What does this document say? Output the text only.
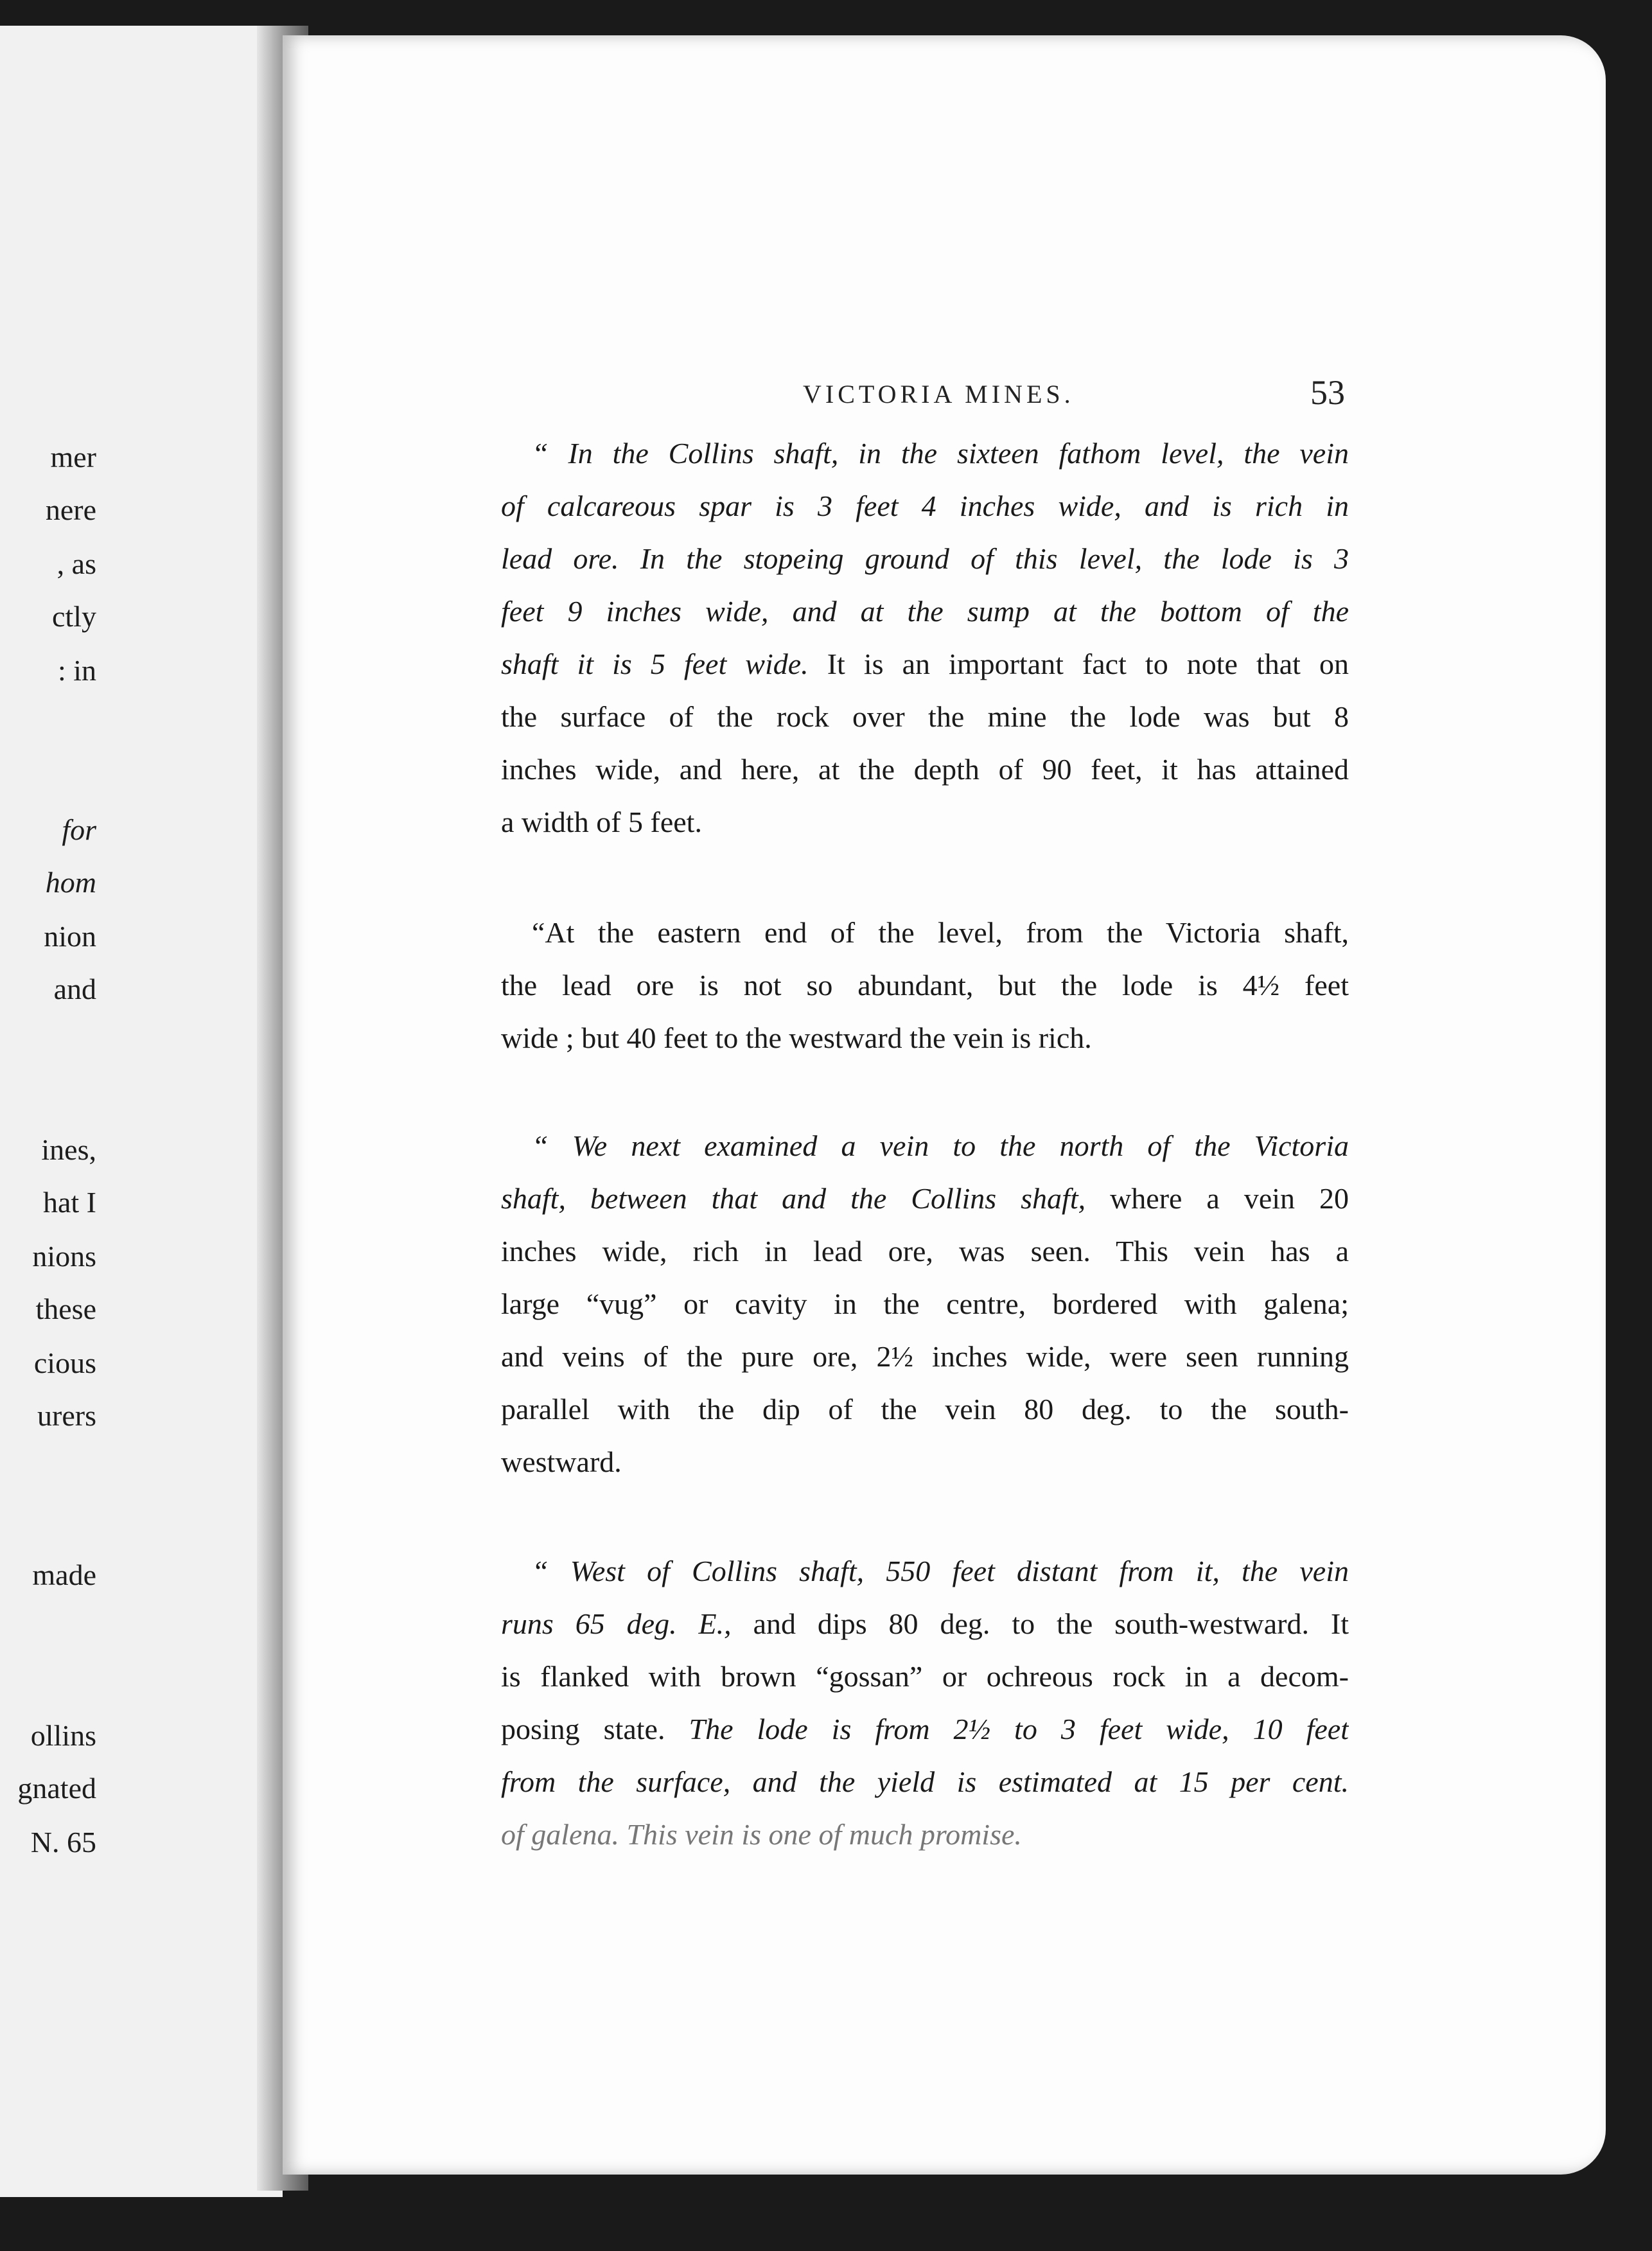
mer
nere
, as
ctly
: in
for
hom
nion
and
ines,
hat I
nions
these
cious
urers
made
ollins
gnated
N. 65
VICTORIA MINES.	53
“ In the Collins shaft, in the sixteen fathom level, the vein
of calcareous spar is 3 feet 4 inches wide, and is rich in
lead ore. In the stopeing ground of this level, the lode is 3
feet 9 inches wide, and at the sump at the bottom of the
shaft it is 5 feet wide. It is an important fact to note that on
the surface of the rock over the mine the lode was but 8
inches wide, and here, at the depth of 90 feet, it has attained
a width of 5 feet.
“At the eastern end of the level, from the Victoria shaft,
the lead ore is not so abundant, but the lode is 4½ feet
wide ; but 40 feet to the westward the vein is rich.
“ We next examined a vein to the north of the Victoria
shaft, between that and the Collins shaft, where a vein 20
inches wide, rich in lead ore, was seen. This vein has a
large “vug” or cavity in the centre, bordered with galena;
and veins of the pure ore, 2½ inches wide, were seen running
parallel with the dip of the vein 80 deg. to the south-
westward.
“ West of Collins shaft, 550 feet distant from it, the vein
runs 65 deg. E., and dips 80 deg. to the south-westward. It
is flanked with brown “gossan” or ochreous rock in a decom-
posing state. The lode is from 2½ to 3 feet wide, 10 feet
from the surface, and the yield is estimated at 15 per cent.
of galena. This vein is one of much promise.
